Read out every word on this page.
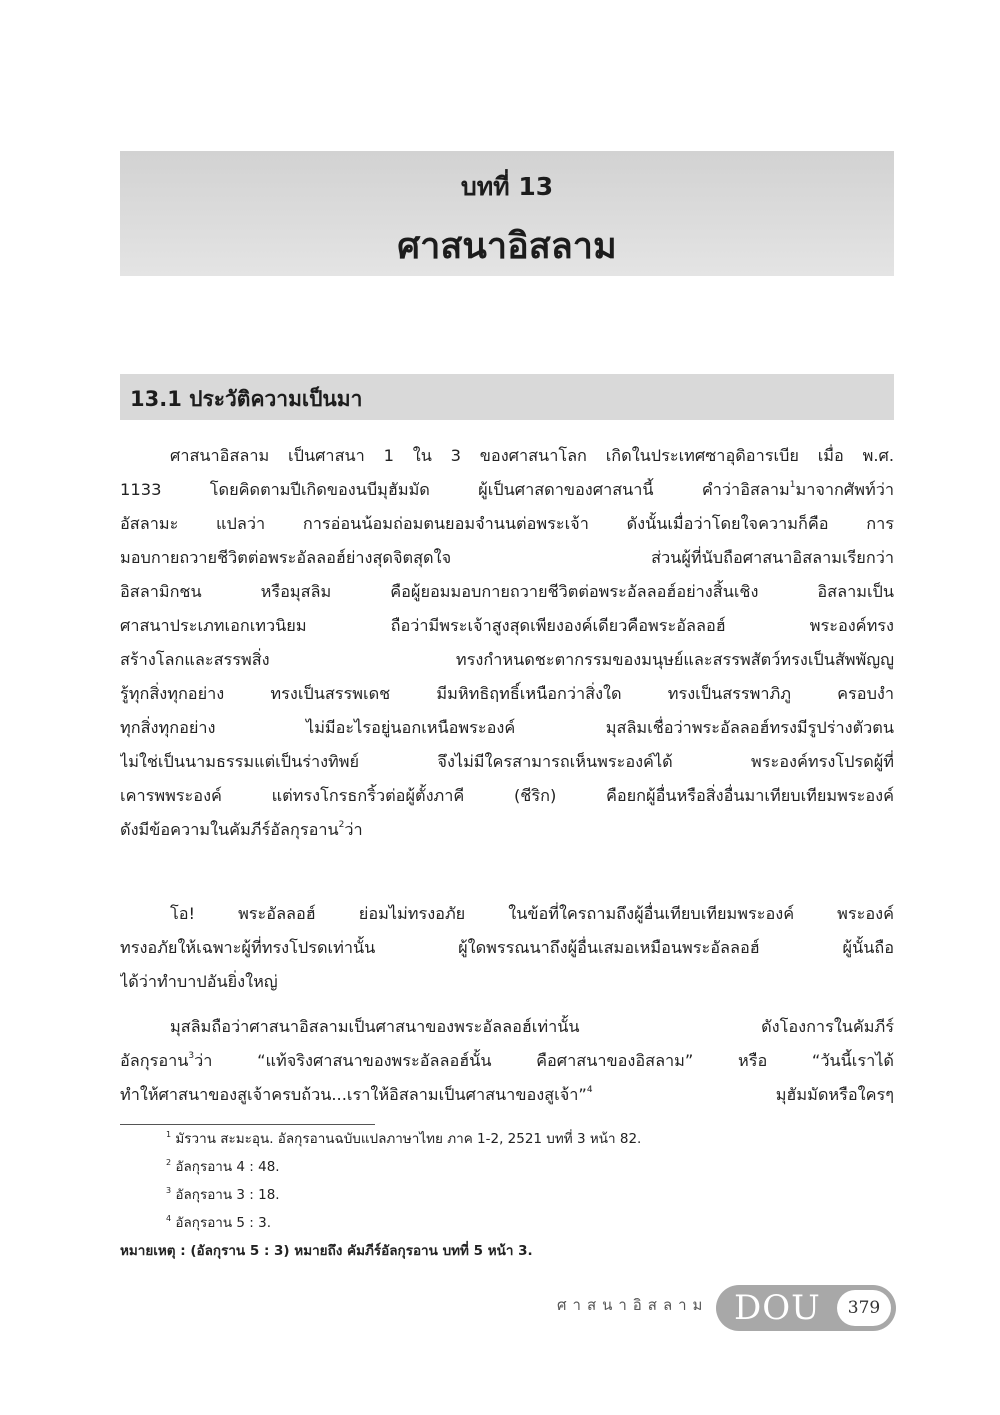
บทที่ 13
ศาสนาอิสลาม
13.1 ประวัติความเป็นมา
ศาสนาอิสลาม เป็นศาสนา 1 ใน 3 ของศาสนาโลก เกิดในประเทศซาอุดิอารเบีย เมื่อ พ.ศ.
1133 โดยคิดตามปีเกิดของนบีมุฮัมมัด ผู้เป็นศาสดาของศาสนานี้ คำว่าอิสลาม$^1$มาจากศัพท์ว่า
อัสลามะ แปลว่า การอ่อนน้อมถ่อมตนยอมจำนนต่อพระเจ้า ดังนั้นเมื่อว่าโดยใจความก็คือ การ
มอบกายถวายชีวิตต่อพระอัลลอฮ์ย่างสุดจิตสุดใจ ส่วนผู้ที่นับถือศาสนาอิสลามเรียกว่า
อิสลามิกชน หรือมุสลิม คือผู้ยอมมอบกายถวายชีวิตต่อพระอัลลอฮ์อย่างสิ้นเชิง อิสลามเป็น
ศาสนาประเภทเอกเทวนิยม ถือว่ามีพระเจ้าสูงสุดเพียงองค์เดียวคือพระอัลลอฮ์ พระองค์ทรง
สร้างโลกและสรรพสิ่ง ทรงกำหนดชะตากรรมของมนุษย์และสรรพสัตว์ทรงเป็นสัพพัญญู
รู้ทุกสิ่งทุกอย่าง ทรงเป็นสรรพเดช มีมหิทธิฤทธิ์เหนือกว่าสิ่งใด ทรงเป็นสรรพาภิภู ครอบงำ
ทุกสิ่งทุกอย่าง ไม่มีอะไรอยู่นอกเหนือพระองค์ มุสลิมเชื่อว่าพระอัลลอฮ์ทรงมีรูปร่างตัวตน
ไม่ใช่เป็นนามธรรมแต่เป็นร่างทิพย์ จึงไม่มีใครสามารถเห็นพระองค์ได้ พระองค์ทรงโปรดผู้ที่
เคารพพระองค์ แต่ทรงโกรธกริ้วต่อผู้ตั้งภาคี (ชีริก) คือยกผู้อื่นหรือสิ่งอื่นมาเทียบเทียมพระองค์
ดังมีข้อความในคัมภีร์อัลกุรอาน$^2$ว่า
โอ! พระอัลลอฮ์ ย่อมไม่ทรงอภัย ในข้อที่ใครถามถึงผู้อื่นเทียบเทียมพระองค์ พระองค์
ทรงอภัยให้เฉพาะผู้ที่ทรงโปรดเท่านั้น ผู้ใดพรรณนาถึงผู้อื่นเสมอเหมือนพระอัลลอฮ์ ผู้นั้นถือ
ได้ว่าทำบาปอันยิ่งใหญ่
มุสลิมถือว่าศาสนาอิสลามเป็นศาสนาของพระอัลลอฮ์เท่านั้น ดังโองการในคัมภีร์
อัลกุรอาน$^3$ว่า “แท้จริงศาสนาของพระอัลลอฮ์นั้น คือศาสนาของอิสลาม” หรือ “วันนี้เราได้
ทำให้ศาสนาของสูเจ้าครบถ้วน...เราให้อิสลามเป็นศาสนาของสูเจ้า”$^4$ มุฮัมมัดหรือใครๆ
$^1$ มัรวาน สะมะอุน. อัลกุรอานฉบับแปลภาษาไทย ภาค 1-2, 2521 บทที่ 3 หน้า 82.
$^2$ อัลกุรอาน 4 : 48.
$^3$ อัลกุรอาน 3 : 18.
$^4$ อัลกุรอาน 5 : 3.
หมายเหตุ : (อัลกุราน 5 : 3) หมายถึง คัมภีร์อัลกุรอาน บทที่ 5 หน้า 3.
ศาสนาอิสลาม DOU	379
